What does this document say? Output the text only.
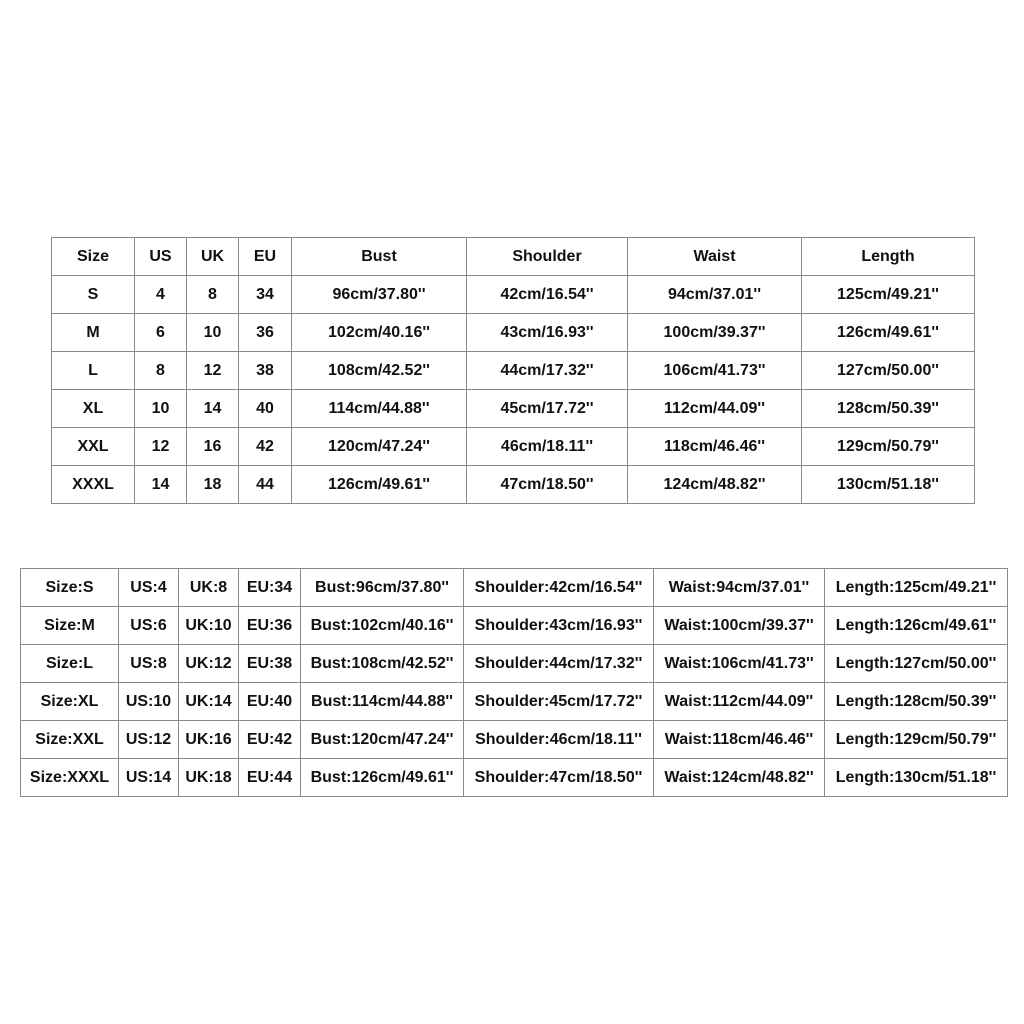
Size	US	UK	EU	Bust	Shoulder	Waist	Length
S	4	8	34	96cm/37.80''	42cm/16.54''	94cm/37.01''	125cm/49.21''
M	6	10	36	102cm/40.16''	43cm/16.93''	100cm/39.37''	126cm/49.61''
L	8	12	38	108cm/42.52''	44cm/17.32''	106cm/41.73''	127cm/50.00''
XL	10	14	40	114cm/44.88''	45cm/17.72''	112cm/44.09''	128cm/50.39''
XXL	12	16	42	120cm/47.24''	46cm/18.11''	118cm/46.46''	129cm/50.79''
XXXL	14	18	44	126cm/49.61''	47cm/18.50''	124cm/48.82''	130cm/51.18''
Size:S	US:4	UK:8	EU:34	Bust:96cm/37.80''	Shoulder:42cm/16.54''	Waist:94cm/37.01''	Length:125cm/49.21''
Size:M	US:6	UK:10	EU:36	Bust:102cm/40.16''	Shoulder:43cm/16.93''	Waist:100cm/39.37''	Length:126cm/49.61''
Size:L	US:8	UK:12	EU:38	Bust:108cm/42.52''	Shoulder:44cm/17.32''	Waist:106cm/41.73''	Length:127cm/50.00''
Size:XL	US:10	UK:14	EU:40	Bust:114cm/44.88''	Shoulder:45cm/17.72''	Waist:112cm/44.09''	Length:128cm/50.39''
Size:XXL	US:12	UK:16	EU:42	Bust:120cm/47.24''	Shoulder:46cm/18.11''	Waist:118cm/46.46''	Length:129cm/50.79''
Size:XXXL	US:14	UK:18	EU:44	Bust:126cm/49.61''	Shoulder:47cm/18.50''	Waist:124cm/48.82''	Length:130cm/51.18''
